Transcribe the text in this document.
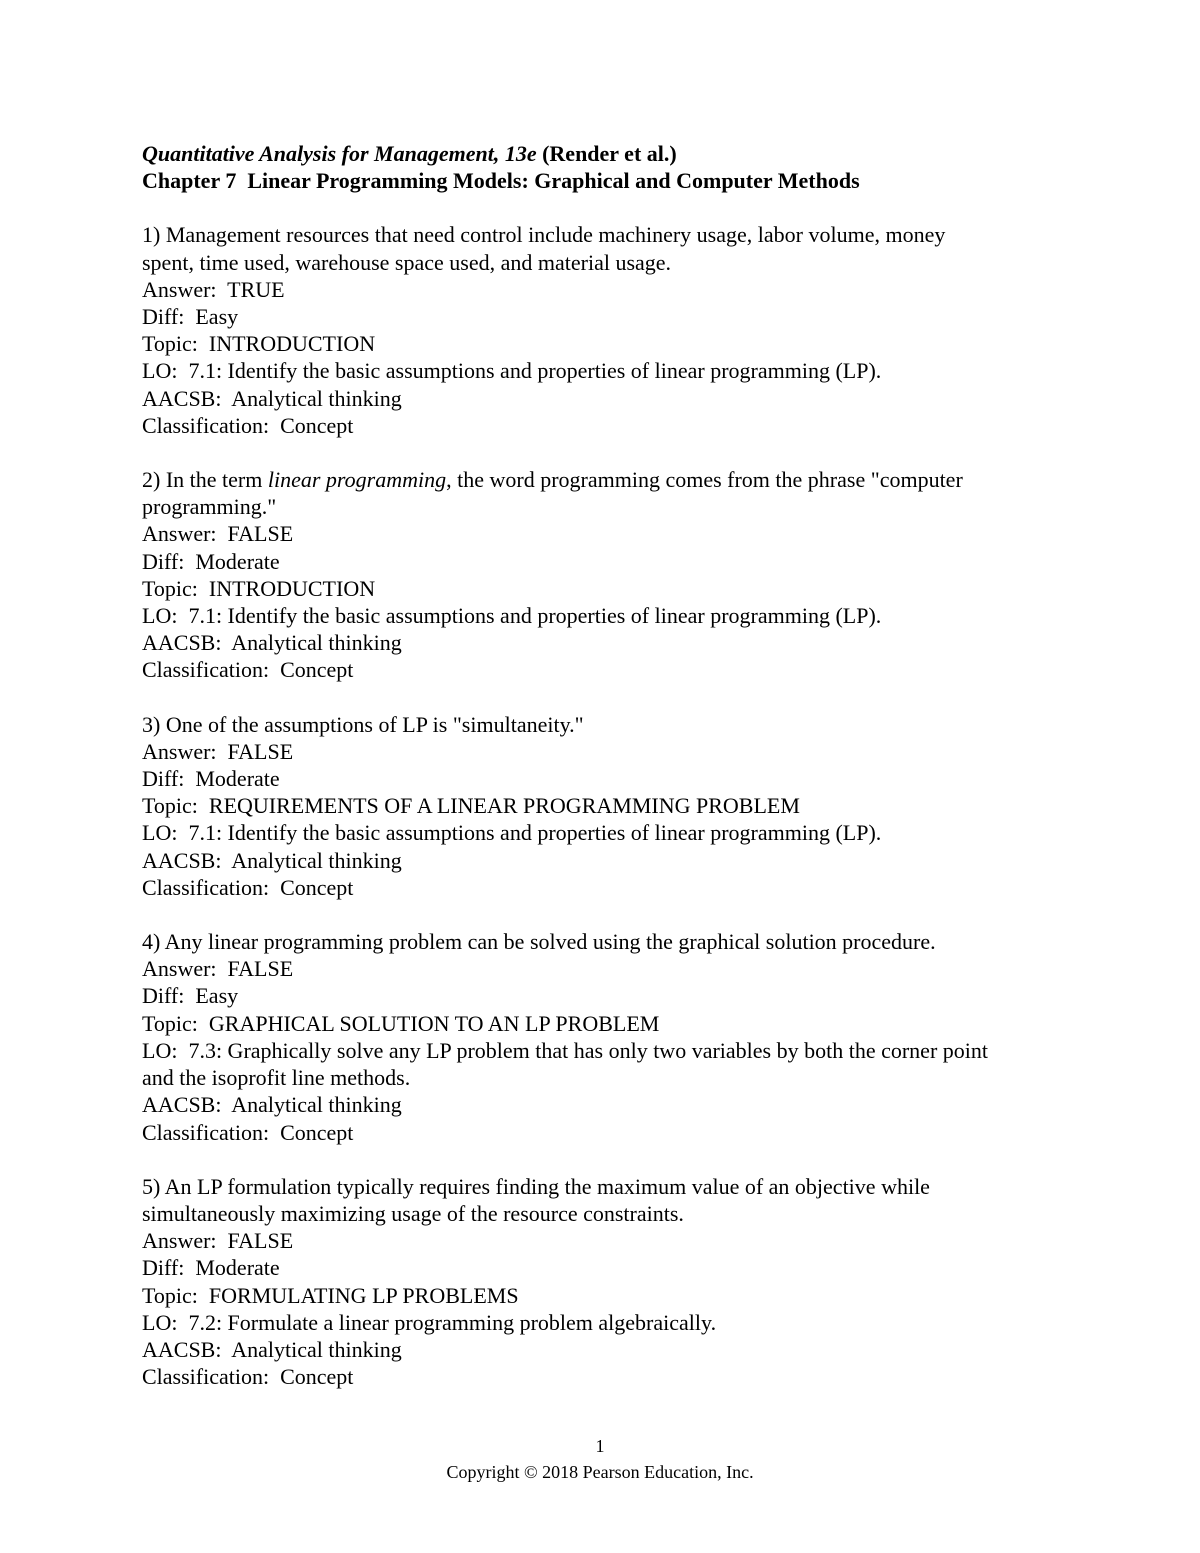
Quantitative Analysis for Management, 13e (Render et al.)
Chapter 7  Linear Programming Models: Graphical and Computer Methods
1) Management resources that need control include machinery usage, labor volume, money
spent, time used, warehouse space used, and material usage.
Answer:  TRUE
Diff:  Easy
Topic:  INTRODUCTION
LO:  7.1: Identify the basic assumptions and properties of linear programming (LP).
AACSB:  Analytical thinking
Classification:  Concept
2) In the term linear programming, the word programming comes from the phrase "computer
programming."
Answer:  FALSE
Diff:  Moderate
Topic:  INTRODUCTION
LO:  7.1: Identify the basic assumptions and properties of linear programming (LP).
AACSB:  Analytical thinking
Classification:  Concept
3) One of the assumptions of LP is "simultaneity."
Answer:  FALSE
Diff:  Moderate
Topic:  REQUIREMENTS OF A LINEAR PROGRAMMING PROBLEM
LO:  7.1: Identify the basic assumptions and properties of linear programming (LP).
AACSB:  Analytical thinking
Classification:  Concept
4) Any linear programming problem can be solved using the graphical solution procedure.
Answer:  FALSE
Diff:  Easy
Topic:  GRAPHICAL SOLUTION TO AN LP PROBLEM
LO:  7.3: Graphically solve any LP problem that has only two variables by both the corner point
and the isoprofit line methods.
AACSB:  Analytical thinking
Classification:  Concept
5) An LP formulation typically requires finding the maximum value of an objective while
simultaneously maximizing usage of the resource constraints.
Answer:  FALSE
Diff:  Moderate
Topic:  FORMULATING LP PROBLEMS
LO:  7.2: Formulate a linear programming problem algebraically.
AACSB:  Analytical thinking
Classification:  Concept
1
Copyright © 2018 Pearson Education, Inc.
